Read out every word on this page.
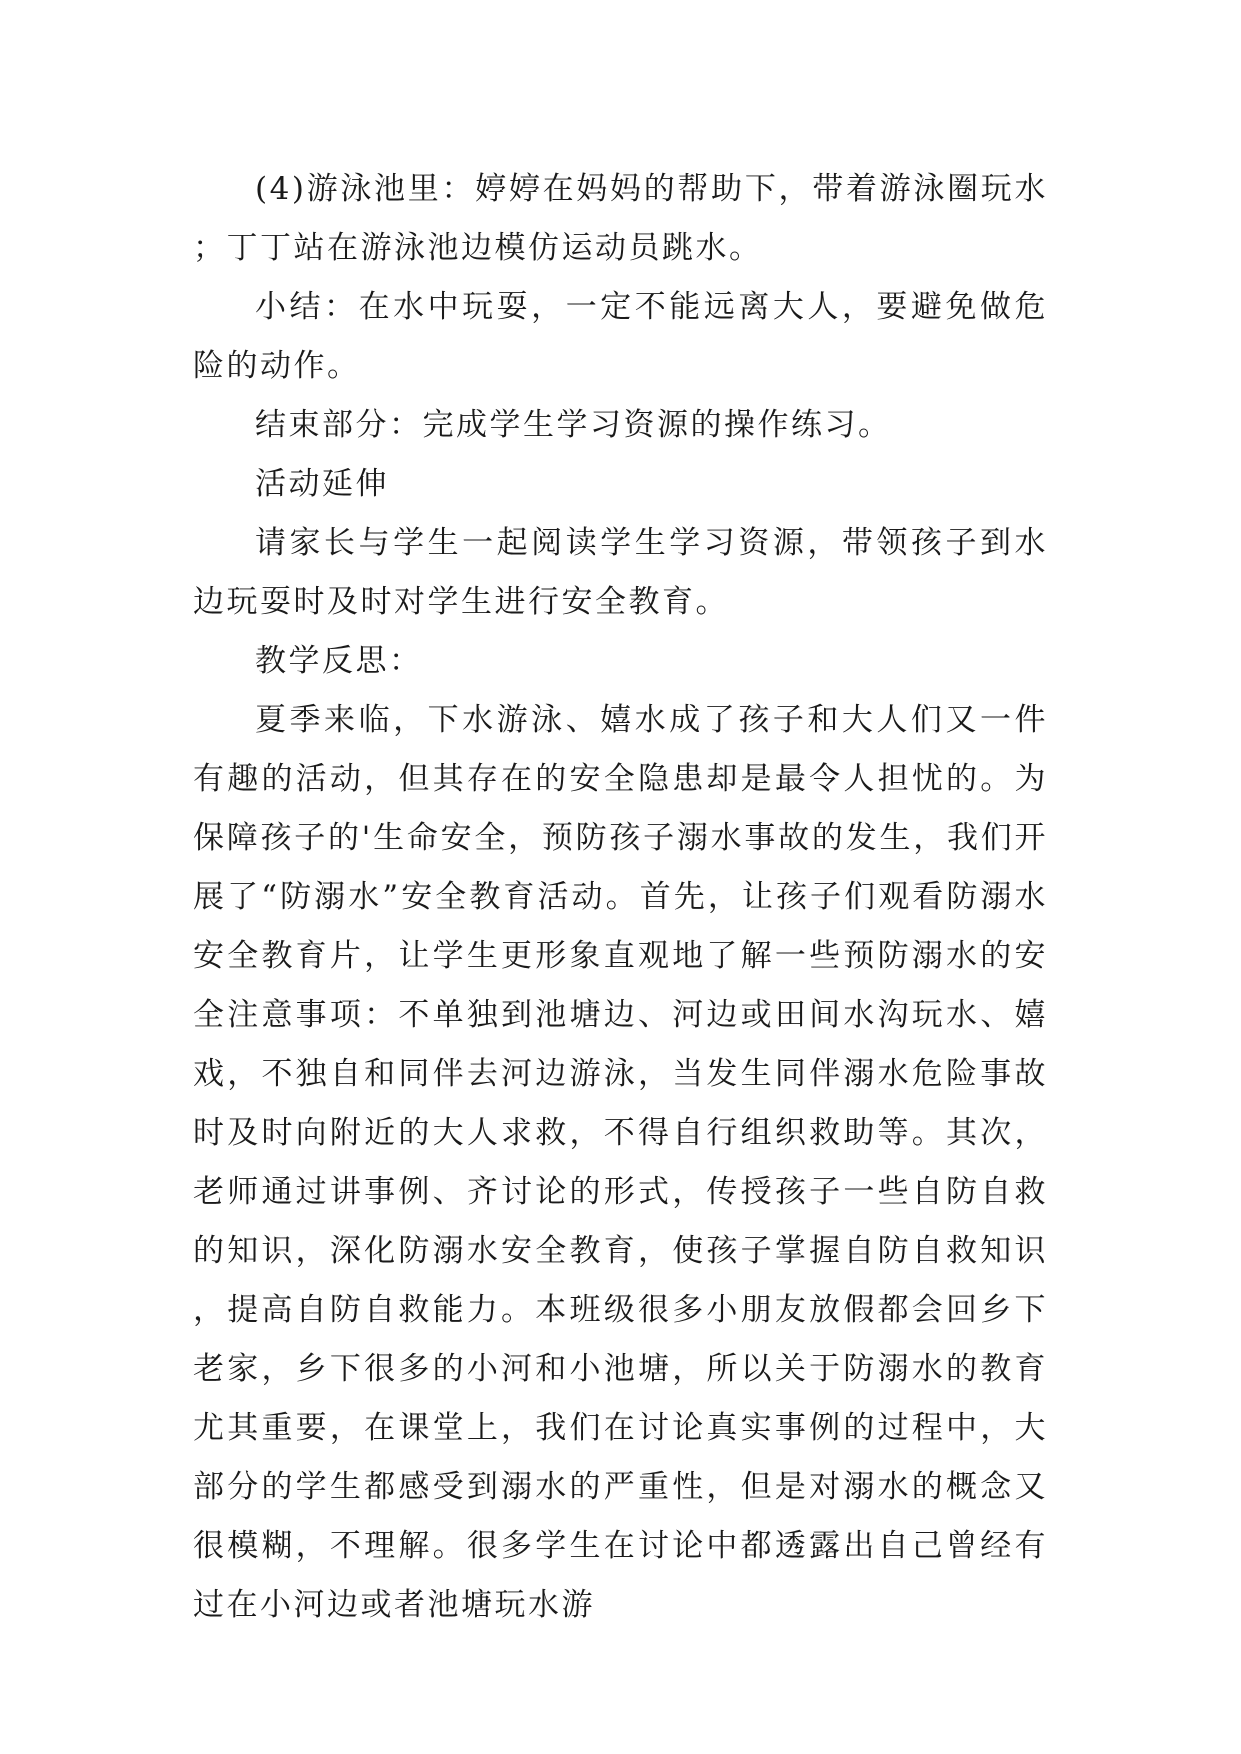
(4)游泳池里：婷婷在妈妈的帮助下，带着游泳圈玩水；丁丁站在游泳池边模仿运动员跳水。

小结：在水中玩耍，一定不能远离大人，要避免做危险的动作。

结束部分：完成学生学习资源的操作练习。

活动延伸

请家长与学生一起阅读学生学习资源，带领孩子到水边玩耍时及时对学生进行安全教育。

教学反思：

夏季来临，下水游泳、嬉水成了孩子和大人们又一件有趣的活动，但其存在的安全隐患却是最令人担忧的。为保障孩子的'生命安全，预防孩子溺水事故的发生，我们开展了“防溺水”安全教育活动。首先，让孩子们观看防溺水安全教育片，让学生更形象直观地了解一些预防溺水的安全注意事项：不单独到池塘边、河边或田间水沟玩水、嬉戏，不独自和同伴去河边游泳，当发生同伴溺水危险事故时及时向附近的大人求救，不得自行组织救助等。其次，老师通过讲事例、齐讨论的形式，传授孩子一些自防自救的知识，深化防溺水安全教育，使孩子掌握自防自救知识，提高自防自救能力。本班级很多小朋友放假都会回乡下老家，乡下很多的小河和小池塘，所以关于防溺水的教育尤其重要，在课堂上，我们在讨论真实事例的过程中，大部分的学生都感受到溺水的严重性，但是对溺水的概念又很模糊，不理解。很多学生在讨论中都透露出自己曾经有过在小河边或者池塘玩水游
